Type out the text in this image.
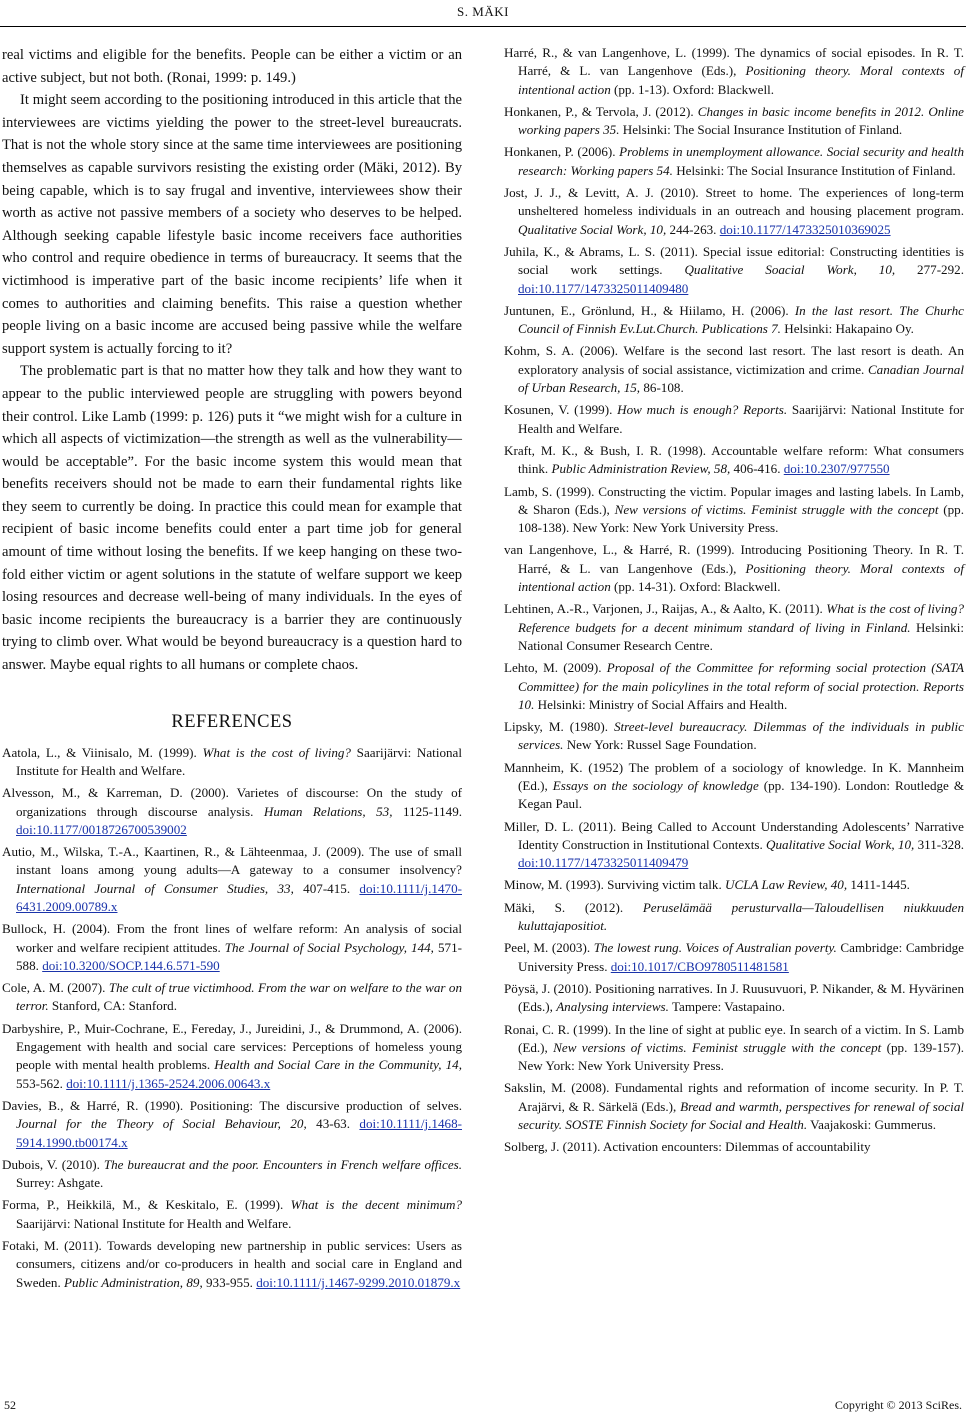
S. MÄKI

real victims and eligible for the benefits. People can be either a victim or an active subject, but not both. (Ronai, 1999: p. 149.)

It might seem according to the positioning introduced in this article that the interviewees are victims yielding the power to the street-level bureaucrats. That is not the whole story since at the same time interviewees are positioning themselves as capable survivors resisting the existing order (Mäki, 2012). By being capable, which is to say frugal and inventive, interviewees show their worth as active not passive members of a society who deserves to be helped. Although seeking capable lifestyle basic income receivers face authorities who control and require obedience in terms of bureaucracy. It seems that the victimhood is imperative part of the basic income recipients’ life when it comes to authorities and claiming benefits. This raise a question whether people living on a basic income are accused being passive while the welfare support system is actually forcing to it?

The problematic part is that no matter how they talk and how they want to appear to the public interviewed people are struggling with powers beyond their control. Like Lamb (1999: p. 126) puts it “we might wish for a culture in which all aspects of victimization—the strength as well as the vulnerability—would be acceptable”. For the basic income system this would mean that benefits receivers should not be made to earn their fundamental rights like they seem to currently be doing. In practice this could mean for example that recipient of basic income benefits could enter a part time job for general amount of time without losing the benefits. If we keep hanging on these twofold either victim or agent solutions in the statute of welfare support we keep losing resources and decrease well-being of many individuals. In the eyes of basic income recipients the bureaucracy is a barrier they are continuously trying to climb over. What would be beyond bureaucracy is a question hard to answer. Maybe equal rights to all humans or complete chaos.

REFERENCES

Aatola, L., & Viinisalo, M. (1999). What is the cost of living? Saarijärvi: National Institute for Health and Welfare.

Alvesson, M., & Karreman, D. (2000). Varietes of discourse: On the study of organizations through discourse analysis. Human Relations, 53, 1125-1149. doi:10.1177/0018726700539002

Autio, M., Wilska, T.-A., Kaartinen, R., & Lähteenmaa, J. (2009). The use of small instant loans among young adults—A gateway to a consumer insolvency? International Journal of Consumer Studies, 33, 407-415. doi:10.1111/j.1470-6431.2009.00789.x

Bullock, H. (2004). From the front lines of welfare reform: An analysis of social worker and welfare recipient attitudes. The Journal of Social Psychology, 144, 571-588. doi:10.3200/SOCP.144.6.571-590

Cole, A. M. (2007). The cult of true victimhood. From the war on welfare to the war on terror. Stanford, CA: Stanford.

Darbyshire, P., Muir-Cochrane, E., Fereday, J., Jureidini, J., & Drummond, A. (2006). Engagement with health and social care services: Perceptions of homeless young people with mental health problems. Health and Social Care in the Community, 14, 553-562. doi:10.1111/j.1365-2524.2006.00643.x

Davies, B., & Harré, R. (1990). Positioning: The discursive production of selves. Journal for the Theory of Social Behaviour, 20, 43-63. doi:10.1111/j.1468-5914.1990.tb00174.x

Dubois, V. (2010). The bureaucrat and the poor. Encounters in French welfare offices. Surrey: Ashgate.

Forma, P., Heikkilä, M., & Keskitalo, E. (1999). What is the decent minimum? Saarijärvi: National Institute for Health and Welfare.

Fotaki, M. (2011). Towards developing new partnership in public services: Users as consumers, citizens and/or co-producers in health and social care in England and Sweden. Public Administration, 89, 933-955. doi:10.1111/j.1467-9299.2010.01879.x

Harré, R., & van Langenhove, L. (1999). The dynamics of social episodes. In R. T. Harré, & L. van Langenhove (Eds.), Positioning theory. Moral contexts of intentional action (pp. 1-13). Oxford: Blackwell.

Honkanen, P., & Tervola, J. (2012). Changes in basic income benefits in 2012. Online working papers 35. Helsinki: The Social Insurance Institution of Finland.

Honkanen, P. (2006). Problems in unemployment allowance. Social security and health research: Working papers 54. Helsinki: The Social Insurance Institution of Finland.

Jost, J. J., & Levitt, A. J. (2010). Street to home. The experiences of long-term unsheltered homeless individuals in an outreach and housing placement program. Qualitative Social Work, 10, 244-263. doi:10.1177/1473325010369025

Juhila, K., & Abrams, L. S. (2011). Special issue editorial: Constructing identities is social work settings. Qualitative Soacial Work, 10, 277-292. doi:10.1177/1473325011409480

Juntunen, E., Grönlund, H., & Hiilamo, H. (2006). In the last resort. The Churhc Council of Finnish Ev.Lut.Church. Publications 7. Helsinki: Hakapaino Oy.

Kohm, S. A. (2006). Welfare is the second last resort. The last resort is death. An exploratory analysis of social assistance, victimization and crime. Canadian Journal of Urban Research, 15, 86-108.

Kosunen, V. (1999). How much is enough? Reports. Saarijärvi: National Institute for Health and Welfare.

Kraft, M. K., & Bush, I. R. (1998). Accountable welfare reform: What consumers think. Public Administration Review, 58, 406-416. doi:10.2307/977550

Lamb, S. (1999). Constructing the victim. Popular images and lasting labels. In Lamb, & Sharon (Eds.), New versions of victims. Feminist struggle with the concept (pp. 108-138). New York: New York University Press.

van Langenhove, L., & Harré, R. (1999). Introducing Positioning Theory. In R. T. Harré, & L. van Langenhove (Eds.), Positioning theory. Moral contexts of intentional action (pp. 14-31). Oxford: Blackwell.

Lehtinen, A.-R., Varjonen, J., Raijas, A., & Aalto, K. (2011). What is the cost of living? Reference budgets for a decent minimum standard of living in Finland. Helsinki: National Consumer Research Centre.

Lehto, M. (2009). Proposal of the Committee for reforming social protection (SATA Committee) for the main policylines in the total reform of social protection. Reports 10. Helsinki: Ministry of Social Affairs and Health.

Lipsky, M. (1980). Street-level bureaucracy. Dilemmas of the individuals in public services. New York: Russel Sage Foundation.

Mannheim, K. (1952) The problem of a sociology of knowledge. In K. Mannheim (Ed.), Essays on the sociology of knowledge (pp. 134-190). London: Routledge & Kegan Paul.

Miller, D. L. (2011). Being Called to Account Understanding Adolescents’ Narrative Identity Construction in Institutional Contexts. Qualitative Social Work, 10, 311-328. doi:10.1177/1473325011409479

Minow, M. (1993). Surviving victim talk. UCLA Law Review, 40, 1411-1445.

Mäki, S. (2012). Peruselämää perusturvalla—Taloudellisen niukkuuden kuluttajapositiot.

Peel, M. (2003). The lowest rung. Voices of Australian poverty. Cambridge: Cambridge University Press. doi:10.1017/CBO9780511481581

Pöysä, J. (2010). Positioning narratives. In J. Ruusuvuori, P. Nikander, & M. Hyvärinen (Eds.), Analysing interviews. Tampere: Vastapaino.

Ronai, C. R. (1999). In the line of sight at public eye. In search of a victim. In S. Lamb (Ed.), New versions of victims. Feminist struggle with the concept (pp. 139-157). New York: New York University Press.

Sakslin, M. (2008). Fundamental rights and reformation of income security. In P. T. Arajärvi, & R. Särkelä (Eds.), Bread and warmth, perspectives for renewal of social security. SOSTE Finnish Society for Social and Health. Vaajakoski: Gummerus.

Solberg, J. (2011). Activation encounters: Dilemmas of accountability

52	Copyright © 2013 SciRes.
